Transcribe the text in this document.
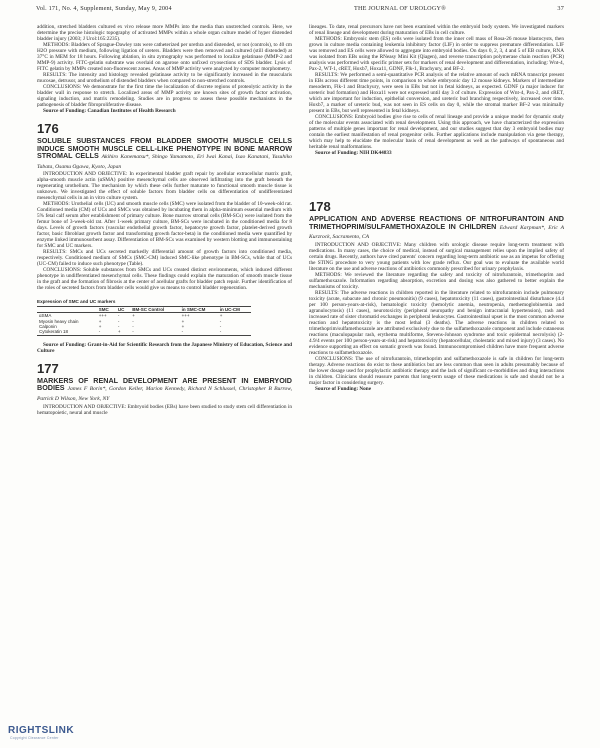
Vol. 171, No. 4, Supplement, Sunday, May 9, 2004	THE JOURNAL OF UROLOGY®	37

addition, stretched bladders cultured ex vivo release more MMPs into the media than unstretched controls. Here, we determine the precise histologic topography of activated MMPs within a whole organ culture model of hyper distended bladder injury (2003; J Urol:165:2235).

METHODS: Bladders of Sprague-Dawley rats were catheterized per urethra and distended, or not (controls), to 40 cm H2O pressure with medium, following ligation of ureters. Bladders were then removed and cultured (still distended) at 37°C in MEM for 18 hours. Following ablation, in situ zymography was performed to localize gelatinase (MMP-2 and MMP-9) activity. FITC-gelatin substrate was overlaid on agarose onto unfixed cryosections of SDS bladder. Lysis of FITC gelatin by MMPs created non-fluorescent zones. Areas of MMP activity were analyzed by computer morphometry.

RESULTS: The intensity and histology revealed gelatinase activity to be significantly increased in the muscularis mucosae, detrusor, and urothelium of distended bladders when compared to non-stretched controls.

CONCLUSIONS: We demonstrate for the first time the localization of discrete regions of proteolytic activity in the bladder wall in response to stretch. Localized areas of MMP activity are known sites of growth factor activation, signaling induction, and matrix remodeling. Studies are in progress to assess these possible mechanisms in the pathogenesis of bladder fibroproliferative disease.

Source of Funding: Canadian Institutes of Health Research

176
SOLUBLE SUBSTANCES FROM BLADDER SMOOTH MUSCLE CELLS INDUCE SMOOTH MUSCLE CELL-LIKE PHENOTYPE IN BONE MARROW STROMAL CELLS Akihiro Kanematsu*, Shingo Yamamoto, Eri Iwai Kanai, Isao Kanatani, Yasuhiko Tabata, Osamu Ogawa, Kyoto, Japan

INTRODUCTION AND OBJECTIVE: In experimental bladder graft repair by acellular extracellular matrix graft, alpha-smooth muscle actin (αSMA) positive mesenchymal cells are observed infiltrating into the graft beneath the regenerating urothelium. The mechanism by which these cells further maturate to functional smooth muscle tissue is unknown. We investigated the effect of soluble factors from bladder cells on differentiation of undifferentiated mesenchymal cells in an in vitro culture system.

METHODS: Urothelial cells (UC) and smooth muscle cells (SMC) were isolated from the bladder of 10-week-old rat. Conditioned media (CM) of UCs and SMCs was obtained by incubating them in alpha-minimum essential medium with 5% fetal calf serum after establishment of primary culture. Bone marrow stromal cells (BM-SCs) were isolated from the femur bone of 3-week-old rat. After 1-week primary culture, BM-SCs were incubated in the conditioned media for 8 days. Levels of growth factors (vascular endothelial growth factor, hepatocyte growth factor, platelet-derived growth factor, basic fibroblast growth factor and transforming growth factor-beta) in the conditioned media were quantified by enzyme linked immunosorbent assay. Differentiation of BM-SCs was examined by western blotting and immunostaining for SMC and UC markers.

RESULTS: SMCs and UCs secreted markedly differential amount of growth factors into conditioned media, respectively. Conditioned medium of SMCs (SMC-CM) induced SMC-like phenotype in BM-SCs, while that of UCs (UC-CM) failed to induce such phenotype (Table).

CONCLUSIONS: Soluble substances from SMCs and UCs created distinct environments, which induced different phenotype in undifferentiated mesenchymal cells. These findings could explain the maturation of smooth muscle tissue in the graft and the formation of fibrosis at the center of acellular grafts for bladder patch repair. Further identification of the roles of secreted factors from bladder cells would give us means to control bladder regeneration.

Expression of SMC and UC markers
	SMC	UC	BM-SC Control	in SMC-CM	in UC-CM
αSMA	+++	-	+	+++	+
Myosin heavy chain	+	-	-	+	-
Calponin	+	-	-	+	-
Cytokeratin 18	-	+	-	-	-

Source of Funding: Grant-in-Aid for Scientific Research from the Japanese Ministry of Education, Science and Culture

177
MARKERS OF RENAL DEVELOPMENT ARE PRESENT IN EMBRYOID BODIES James F Borin*, Gordon Keller, Marion Kennedy, Richard N Schlussel, Christopher B Burrow, Patrick D Wilson, New York, NY

INTRODUCTION AND OBJECTIVE: Embryoid bodies (EBs) have been studied to study stem cell differentiation in hematopoietic, neural and muscle

lineages. To date, renal precursors have not been examined within the embryoid body system. We investigated markers of renal lineage and development during maturation of EBs in cell culture.

METHODS: Embryonic stem (ES) cells were isolated from the inner cell mass of Rosa-26 mouse blastocysts, then grown in culture media containing leukemia inhibitory factor (LIF) in order to suppress premature differentiation. LIF was removed and ES cells were allowed to aggregate into embryoid bodies. On days 0, 2, 3, 4 and 5 of EB culture, RNA was isolated from EBs using the RNeasy Mini Kit (Qiagen), and reverse transcription polymerase chain reaction (PCR) analysis was performed with specific primer sets for markers of renal development and differentiation, including: Wnt-4, Pax-2, WT-1, cRET, Hoxb7, Hoxa11, GDNF, Flk-1, Brachyury, and BF-2.

RESULTS: We performed a semi-quantitative PCR analysis of the relative amount of each mRNA transcript present in EBs across different time points, in comparison to whole embryonic day 12 mouse kidneys. Markers of intermediate mesoderm, Flk-1 and Brachyury, were seen in EBs but not in fetal kidneys, as expected. GDNF (a major inducer for ureteric bud formation) and Hoxa11 were not expressed until day 3 of culture. Expression of Wnt-4, Pax-2, and cRET, which are important for induction, epithelial conversion, and ureteric bud branching respectively, increased over time. Hoxb7, a marker of ureteric bud, was not seen in ES cells on day 0, while the stromal marker BF-2 was minimally present in EBs, but well represented in fetal kidneys.

CONCLUSIONS: Embryoid bodies give rise to cells of renal lineage and provide a unique model for dynamic study of the molecular events associated with renal development. Using this approach, we have characterized the expression patterns of multiple genes important for renal development, and our studies suggest that day 3 embryoid bodies may contain the earliest manifestation of renal progenitor cells. Further applications include manipulation via gene therapy, which may help to elucidate the molecular basis of renal development as well as the pathways of spontaneous and heritable renal malformations.

Source of Funding: NIH DK44833

178
APPLICATION AND ADVERSE REACTIONS OF NITROFURANTOIN AND TRIMETHOPRIM/SULFAMETHOXAZOLE IN CHILDREN Edward Karpman*, Eric A Kurzrock, Sacramento, CA

INTRODUCTION AND OBJECTIVE: Many children with urologic disease require long-term treatment with medications. In many cases, the choice of medical, instead of surgical management relies upon the implied safety of certain drugs. Recently, authors have cited parents' concern regarding long-term antibiotic use as an impetus for offering the STING procedure to very young patients with low grade reflux. Our goal was to evaluate the available world literature on the use and adverse reactions of antibiotics commonly prescribed for urinary prophylaxis.

METHODS: We reviewed the literature regarding the safety and toxicity of nitrofurantoin, trimethoprim and sulfamethoxazole. Information regarding absorption, excretion and dosing was also gathered to better explain the mechanisms of toxicity.

RESULTS: The adverse reactions in children reported in the literature related to nitrofurantoin include pulmonary toxicity (acute, subacute and chronic pneumonitis) (9 cases), hepatotoxicity (11 cases), gastrointestinal disturbance (4.4 per 100 person-years-at-risk), hematologic toxicity (hemolytic anemia, neutropenia, methemoglobinemia and agranulocytosis) (11 cases), neurotoxicity (peripheral neuropathy and benign intracranial hypertension), rash and increased rate of sister chromatid exchanges in peripheral leukocytes. Gastrointestinal upset is the most common adverse reaction and hepatotoxicity is the most lethal (3 deaths). The adverse reactions in children related to trimethoprim/sulfamethoxazole are attributed exclusively due to the sulfamethoxazole component and include cutaneous reactions (maculopapular rash, erythema multiforme, Stevens-Johnson syndrome and toxic epidermal necrolysis) (2-4.9/4 events per 100 person-years-at-risk) and hepatotoxicity (hepatocellular, cholestatic and mixed injury) (3 cases). No evidence supporting an effect on somatic growth was found. Immunocompromised children have more frequent adverse reactions to sulfamethoxazole.

CONCLUSIONS: The use of nitrofurantoin, trimethoprim and sulfamethoxazole is safe in children for long-term therapy. Adverse reactions do exist to these antibiotics but are less common than seen in adults presumably because of the lower dosage used for prophylactic antibiotic therapy and the lack of significant co-morbidities and drug interactions in children. Clinicians should reassure parents that long-term usage of these medications is safe and should not be a major factor in considering surgery.

Source of Funding: None

RIGHTSLINK
Copyright Clearance Center
